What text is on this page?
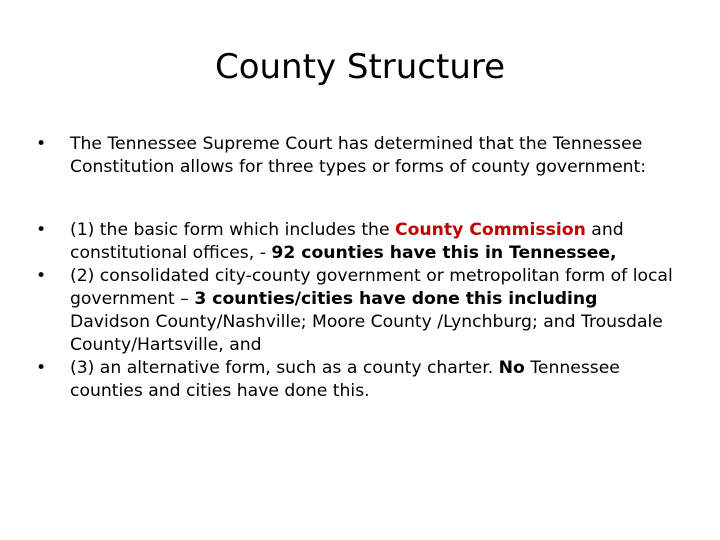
County Structure
•	The Tennessee Supreme Court has determined that the Tennessee Constitution allows for three types or forms of county government:
•	(1) the basic form which includes the County Commission and constitutional offices, - 92 counties have this in Tennessee,
•	(2) consolidated city-county government or metropolitan form of local government – 3 counties/cities have done this including Davidson County/Nashville; Moore County /Lynchburg; and Trousdale County/Hartsville, and
•	(3) an alternative form, such as a county charter. No Tennessee counties and cities have done this.
